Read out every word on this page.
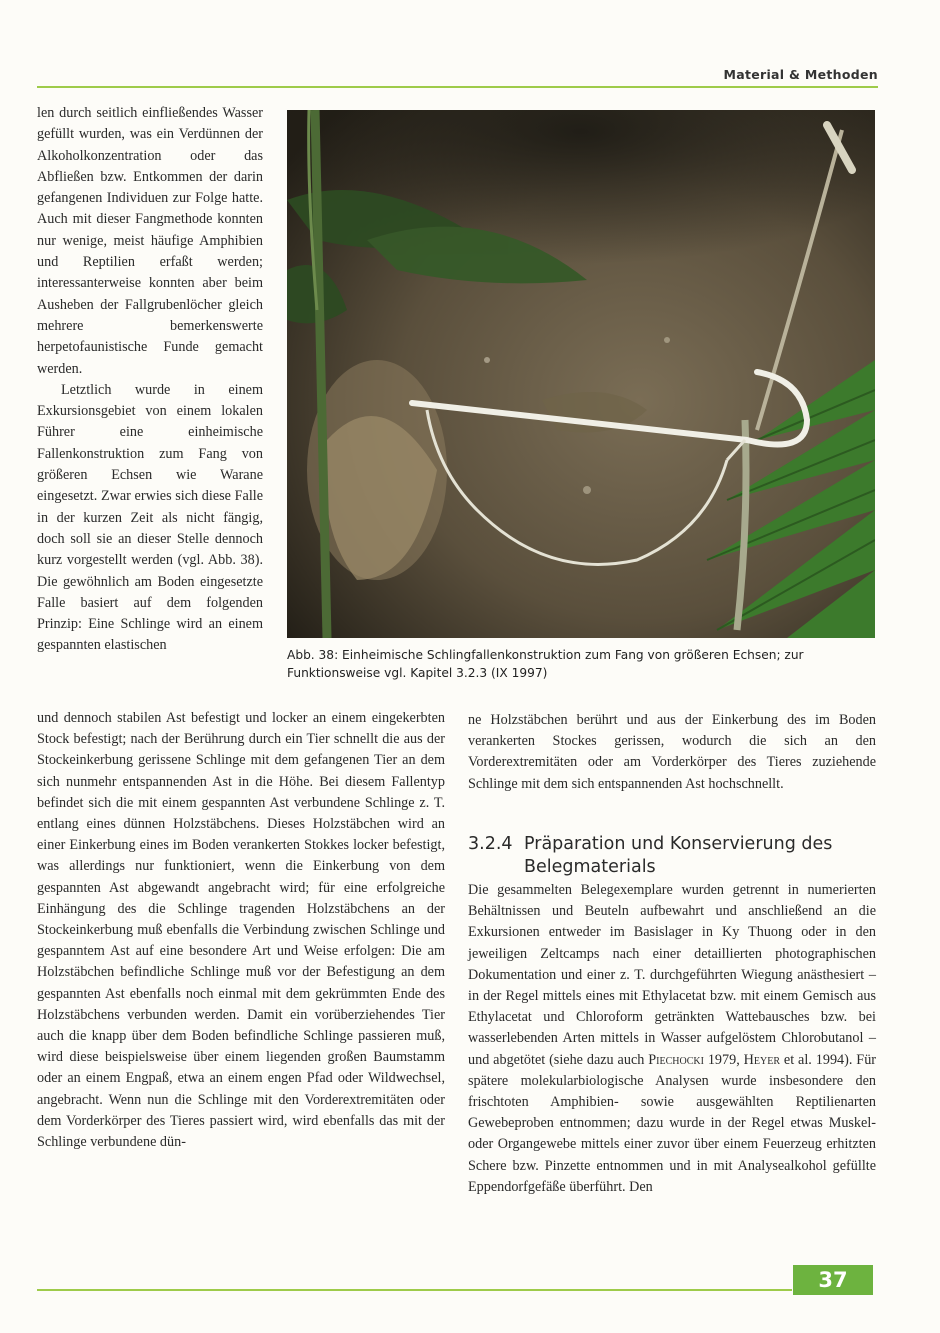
Material & Methoden

len durch seitlich einfließendes Wasser gefüllt wurden, was ein Verdünnen der Alkoholkonzentration oder das Abfließen bzw. Entkommen der darin gefangenen Individuen zur Folge hatte. Auch mit dieser Fangmethode konnten nur wenige, meist häufige Amphibien und Reptilien erfaßt werden; interessanterweise konnten aber beim Ausheben der Fallgrubenlöcher gleich mehrere bemerkenswerte herpetofaunistische Funde gemacht werden.

Letztlich wurde in einem Exkursionsgebiet von einem lokalen Führer eine einheimische Fallenkonstruktion zum Fang von größeren Echsen wie Warane eingesetzt. Zwar erwies sich diese Falle in der kurzen Zeit als nicht fängig, doch soll sie an dieser Stelle dennoch kurz vorgestellt werden (vgl. Abb. 38). Die gewöhnlich am Boden eingesetzte Falle basiert auf dem folgenden Prinzip: Eine Schlinge wird an einem gespannten elastischen

Abb. 38: Einheimische Schlingfallenkonstruktion zum Fang von größeren Echsen; zur Funktionsweise vgl. Kapitel 3.2.3 (IX 1997)

und dennoch stabilen Ast befestigt und locker an einem eingekerbten Stock befestigt; nach der Berührung durch ein Tier schnellt die aus der Stockeinkerbung gerissene Schlinge mit dem gefangenen Tier an dem sich nunmehr entspannenden Ast in die Höhe. Bei diesem Fallentyp befindet sich die mit einem gespannten Ast verbundene Schlinge z. T. entlang eines dünnen Holzstäbchens. Dieses Holzstäbchen wird an einer Einkerbung eines im Boden verankerten Stokkes locker befestigt, was allerdings nur funktioniert, wenn die Einkerbung von dem gespannten Ast abgewandt angebracht wird; für eine erfolgreiche Einhängung des die Schlinge tragenden Holzstäbchens an der Stockeinkerbung muß ebenfalls die Verbindung zwischen Schlinge und gespanntem Ast auf eine besondere Art und Weise erfolgen: Die am Holzstäbchen befindliche Schlinge muß vor der Befestigung an dem gespannten Ast ebenfalls noch einmal mit dem gekrümmten Ende des Holzstäbchens verbunden werden. Damit ein vorüberziehendes Tier auch die knapp über dem Boden befindliche Schlinge passieren muß, wird diese beispielsweise über einem liegenden großen Baumstamm oder an einem Engpaß, etwa an einem engen Pfad oder Wildwechsel, angebracht. Wenn nun die Schlinge mit den Vorderextremitäten oder dem Vorderkörper des Tieres passiert wird, wird ebenfalls das mit der Schlinge verbundene dün-

ne Holzstäbchen berührt und aus der Einkerbung des im Boden verankerten Stockes gerissen, wodurch die sich an den Vorderextremitäten oder am Vorderkörper des Tieres zuziehende Schlinge mit dem sich entspannenden Ast hochschnellt.

Die gesammelten Belegexemplare wurden getrennt in numerierten Behältnissen und Beuteln aufbewahrt und anschließend an die Exkursionen entweder im Basislager in Ky Thuong oder in den jeweiligen Zeltcamps nach einer detaillierten photographischen Dokumentation und einer z. T. durchgeführten Wiegung anästhesiert – in der Regel mittels eines mit Ethylacetat bzw. mit einem Gemisch aus Ethylacetat und Chloroform getränkten Wattebausches bzw. bei wasserlebenden Arten mittels in Wasser aufgelöstem Chlorobutanol – und abgetötet (siehe dazu auch Piechocki 1979, Heyer et al. 1994). Für spätere molekularbiologische Analysen wurde insbesondere den frischtoten Amphibien- sowie ausgewählten Reptilienarten Gewebeproben entnommen; dazu wurde in der Regel etwas Muskel- oder Organgewebe mittels einer zuvor über einem Feuerzeug erhitzten Schere bzw. Pinzette entnommen und in mit Analysealkohol gefüllte Eppendorfgefäße überführt. Den

3.2.4 Präparation und Konservierung des
Belegmaterials
37
